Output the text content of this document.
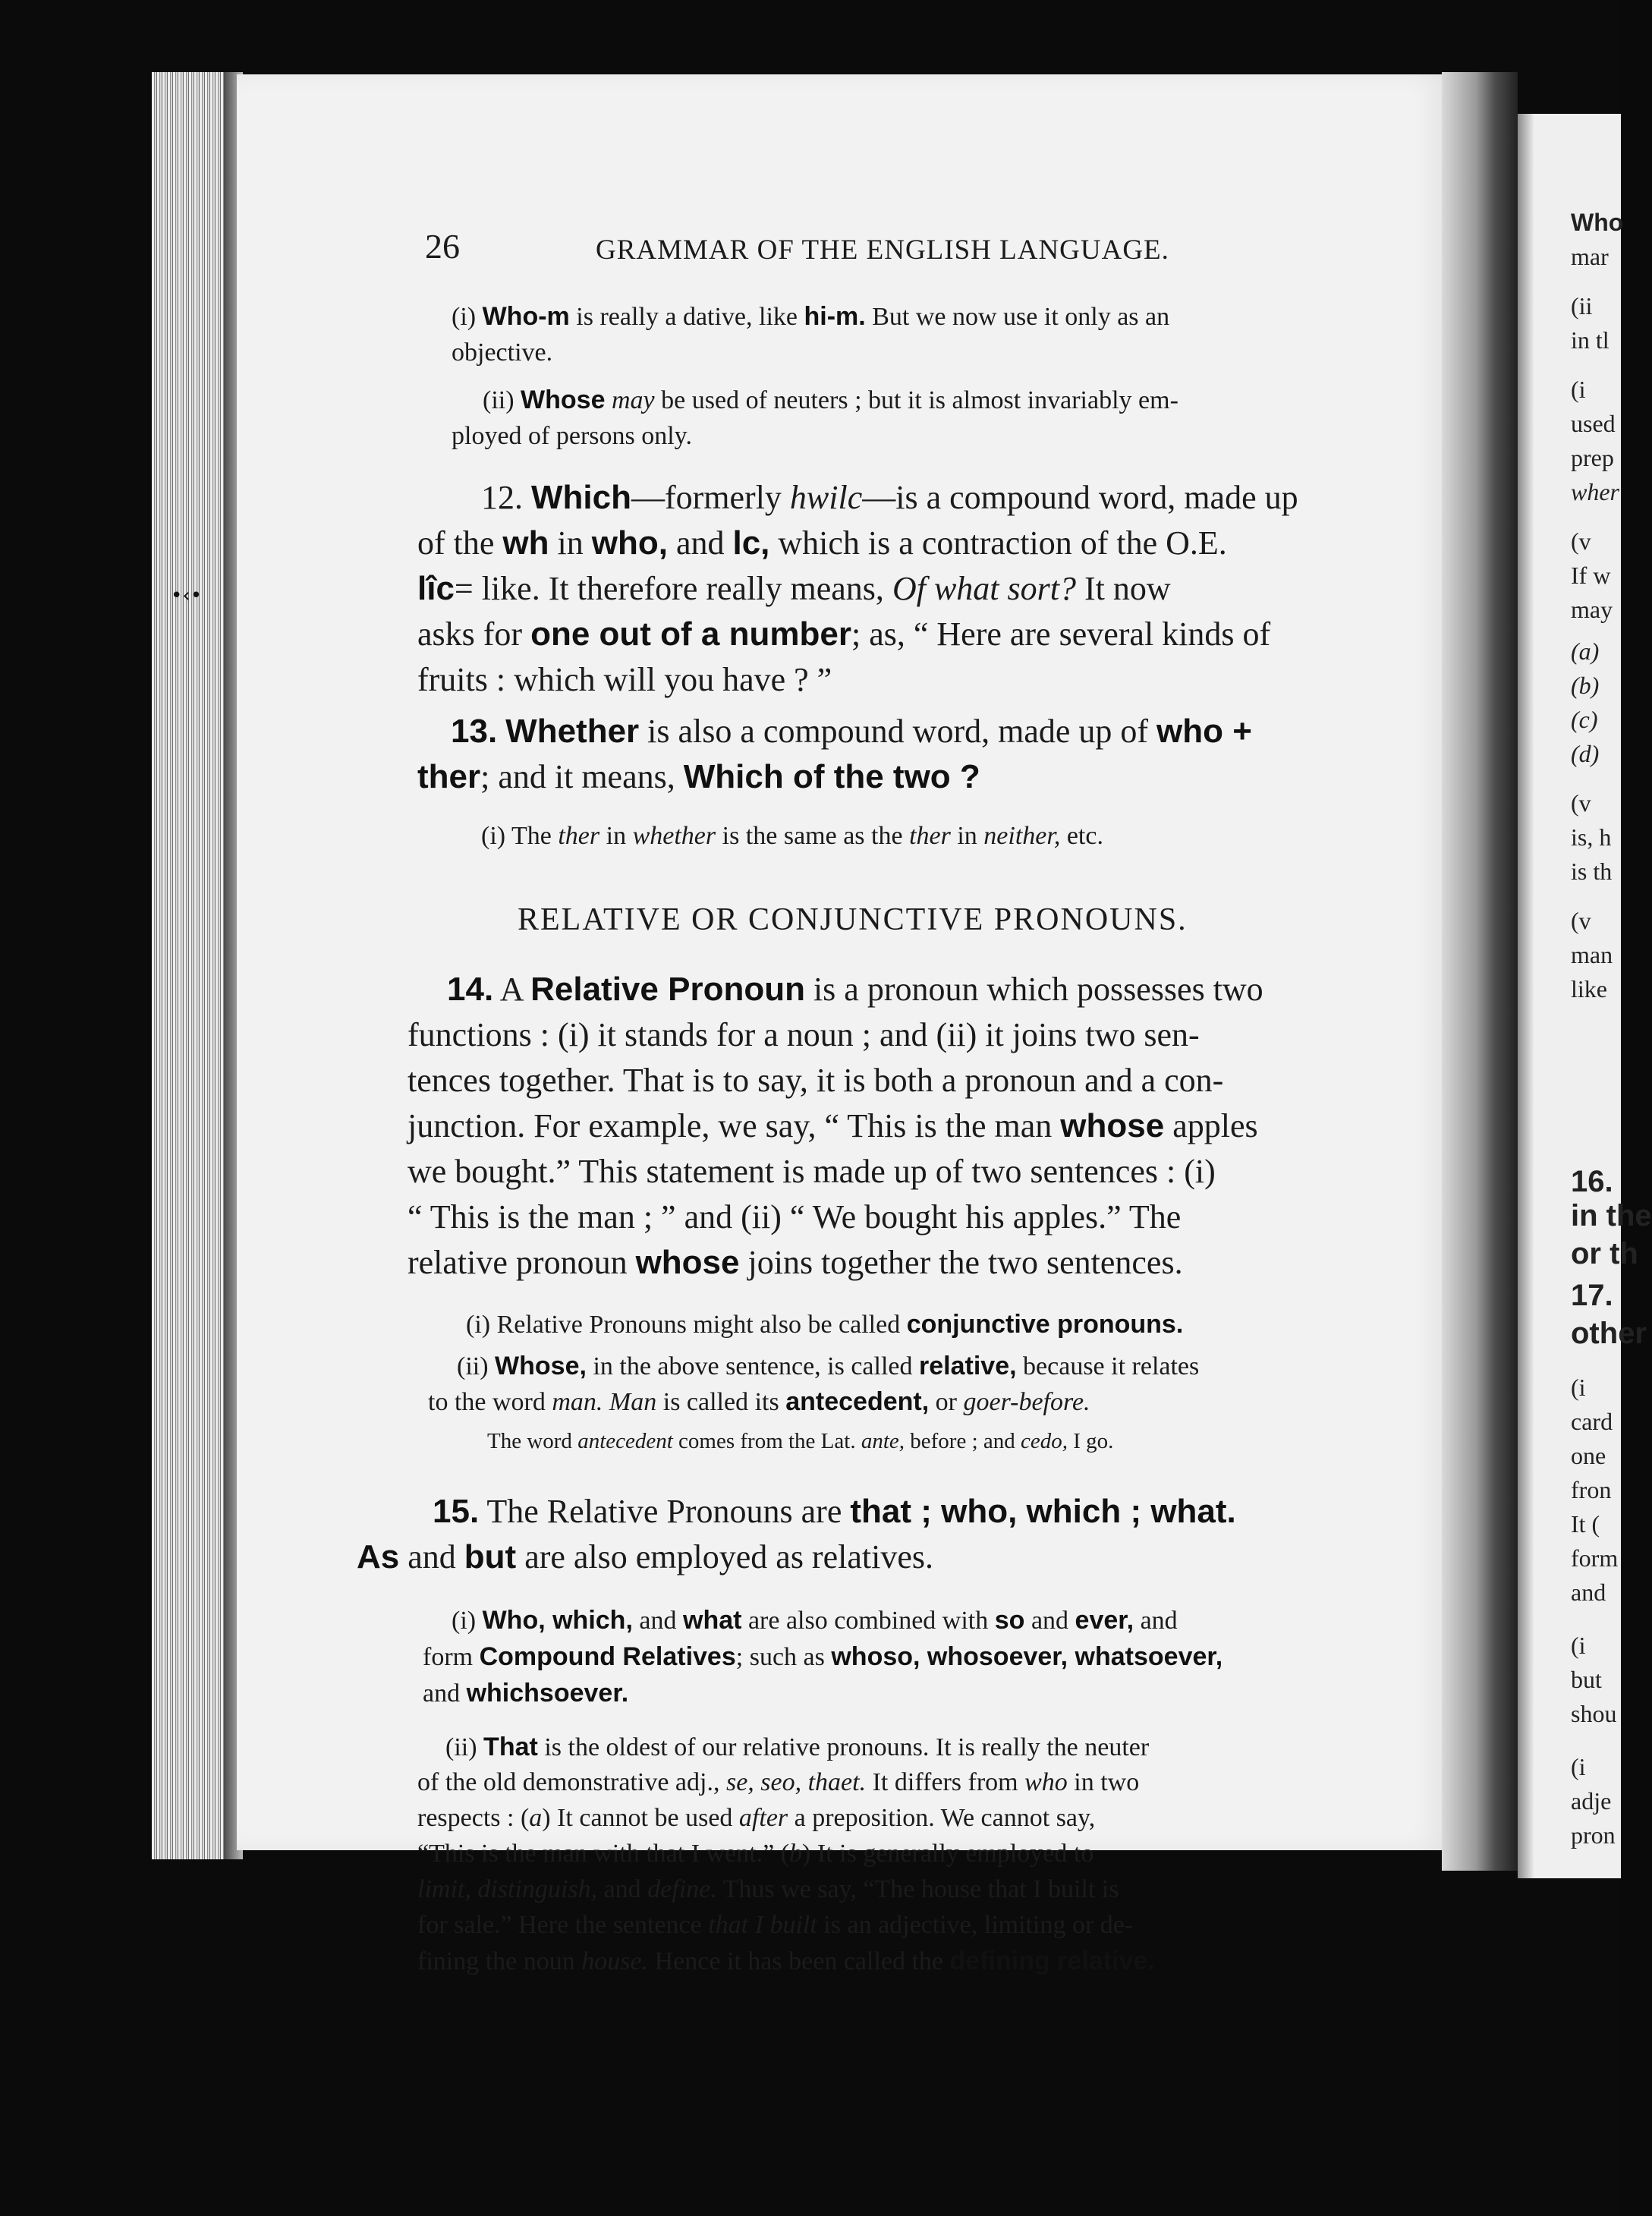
•‹•
26	GRAMMAR OF THE ENGLISH LANGUAGE.
(i) Who-m is really a dative, like hi-m. But we now use it only as an
objective.
(ii) Whose may be used of neuters ; but it is almost invariably em-
ployed of persons only.
12. Which—formerly hwilc—is a compound word, made up
of the wh in who, and lc, which is a contraction of the O.E.
lîc= like. It therefore really means, Of what sort? It now
asks for one out of a number; as, “ Here are several kinds of
fruits : which will you have ? ”
13. Whether is also a compound word, made up of who +
ther; and it means, Which of the two ?
(i) The ther in whether is the same as the ther in neither, etc.
RELATIVE OR CONJUNCTIVE PRONOUNS.
14. A Relative Pronoun is a pronoun which possesses two
functions : (i) it stands for a noun ; and (ii) it joins two sen-
tences together. That is to say, it is both a pronoun and a con-
junction. For example, we say, “ This is the man whose apples
we bought.” This statement is made up of two sentences : (i)
“ This is the man ; ” and (ii) “ We bought his apples.” The
relative pronoun whose joins together the two sentences.
(i) Relative Pronouns might also be called conjunctive pronouns.
(ii) Whose, in the above sentence, is called relative, because it relates
to the word man. Man is called its antecedent, or goer-before.
The word antecedent comes from the Lat. ante, before ; and cedo, I go.
15. The Relative Pronouns are that ; who, which ; what.
As and but are also employed as relatives.
(i) Who, which, and what are also combined with so and ever, and
form Compound Relatives; such as whoso, whosoever, whatsoever,
and whichsoever.
(ii) That is the oldest of our relative pronouns. It is really the neuter
of the old demonstrative adj., se, seo, thaet. It differs from who in two
respects : (a) It cannot be used after a preposition. We cannot say,
“This is the man with that I went.” (b) It is generally employed to
limit, distinguish, and define. Thus we say, “The house that I built is
for sale.” Here the sentence that I built is an adjective, limiting or de-
fining the noun house. Hence it has been called the defining relative.
Who
mar
(ii
in tl
(i
used
prep
wher
(v
If w
may
(a)
(b)
(c)
(d)
(v
is, h
is th
(v
man
like
16.
in the
or th
17.
other
(i
card
one
fron
It (
form
and
(i
but
shou
(i
adje
pron
